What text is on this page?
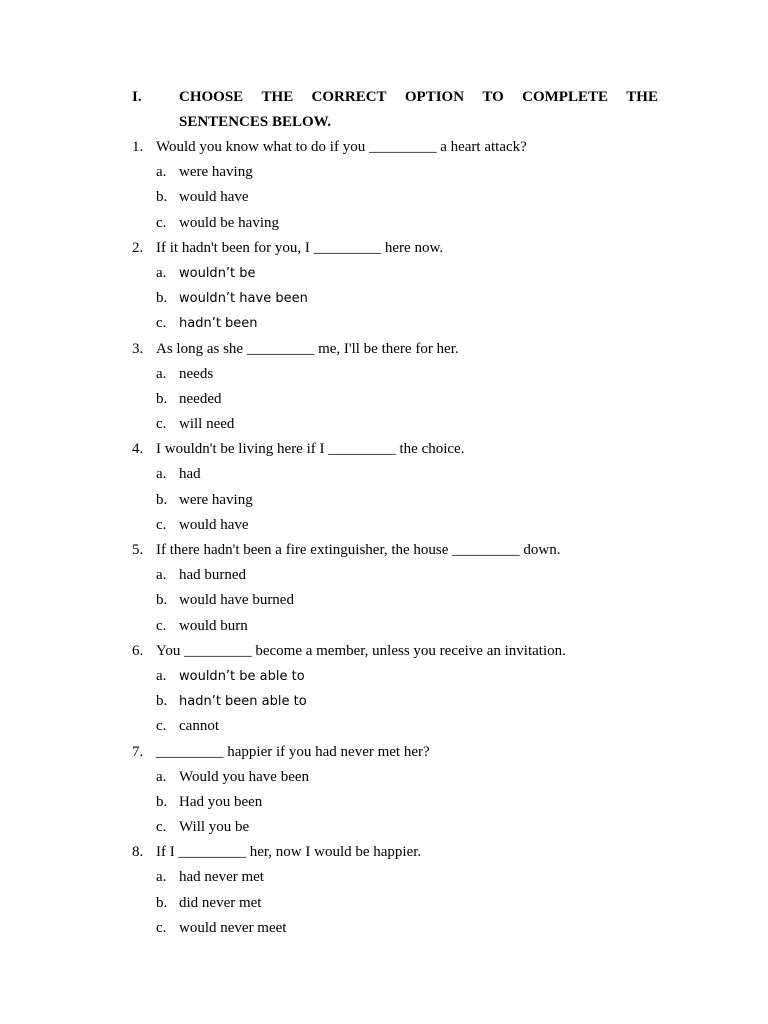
I.	CHOOSE THE CORRECT OPTION TO COMPLETE THE
SENTENCES BELOW.
1. Would you know what to do if you _________ a heart attack?
a. were having
b. would have
c. would be having
2. If it hadn't been for you, I _________ here now.
a. wouldn’t be
b. wouldn’t have been
c. hadn’t been
3. As long as she _________ me, I'll be there for her.
a. needs
b. needed
c. will need
4. I wouldn't be living here if I _________ the choice.
a. had
b. were having
c. would have
5. If there hadn't been a fire extinguisher, the house _________ down.
a. had burned
b. would have burned
c. would burn
6. You _________ become a member, unless you receive an invitation.
a. wouldn’t be able to
b. hadn’t been able to
c. cannot
7. _________ happier if you had never met her?
a. Would you have been
b. Had you been
c. Will you be
8. If I _________ her, now I would be happier.
a. had never met
b. did never met
c. would never meet
